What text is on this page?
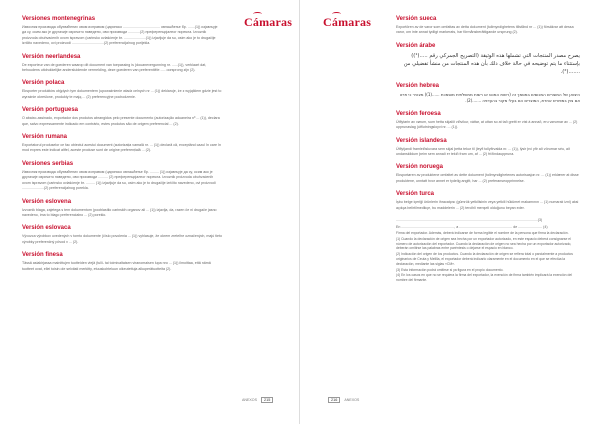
Cámaras
Versiones montenegrinas

Извозник производа обухваћених овом исправом (царинско ..................................... овлашћење бр. .......(1)) изјављује да су, осим ако је другачије изричито наведено, ови производи ............(2) преференцијалног порекла. Izvoznik proizvoda obuhvaćenih ovom ispravom (carinsko ovlašćenje br. ......................(1)) izjavljuje da su, osim ako je to drugačije izričito navedeno, ovi proizvodi ................................(2) preferencijalnog porijekla.

Versión neerlandesa

De exporteur van de goederen waarop dit document van toepassing is (douanevergunning nr. ......(1)), verklaart dat, behoudens uitdrukkelijke andersluidende vermelding, deze goederen van preferentiële ..... oorsprong zijn (2).

Versión polaca

Eksporter produktów objętych tym dokumentem (upoważnienie władz celnych nr ... (1)) deklaruje, że z wyjątkiem gdzie jest to wyraźnie określone, produkty te mają ... (2) preferencyjne pochodzenie.

Versión portuguesa

O abaixo-assinado, exportador dos produtos abrangidos pelo presente documento (autorização aduaneira nº ... (1)), declara que, salvo expressamente indicado em contrário, estes produtos são de origem preferencial ... (2).

Versión rumana

Exportatorul produselor ce fac obiectul acestui document (autorizația vamală nr. ... (1)) declară că, exceptând cazul în care în mod expres este indicat altfel, aceste produse sunt de origine preferențială ... (2).

Versiones serbias

Извозник производа обухваћених овом исправом (царинско овлашћење бр. ......... (1)) изјављује да су, осим ако је другачије изричито наведено, ови производи .......... (2) преференцијалног порекла. Izvoznik proizvoda obuhvaćenih ovom ispravom (carinsko ovlašćenje br. ......... (1)) izjavljuje da su, osim ako je to drugačije izričito navedeno, ovi proizvodi ......................(2) preferencijalnog porekla.

Versión eslovena

Izvoznik blaga, zajetega s tem dokumentom (pooblastilo carinskih organov ali ... (1)) izjavlja, da, razen če ni drugače jasno navedeno, ima to blago preferencialno ... (2) poreklo.

Versión eslovaca

Vývozca výrobkov uvedených v tomto dokumente (číslo povolenia ... (1)) vyhlasuje, že okrem zreteľne označených, majú tieto výrobky preferenčný pôvod v ... (2).

Versión finesa

Tässä asiakirjassa mainittujen tuotteiden viejä (tulli- tai toimivaltaisen viranomaisen lupa nro ... (1)) ilmoittaa, että nämä tuotteet ovat, ellei toisin ole selvästi merkitty, etuuskohteluun oikeutettuja alkuperätuotteita (2).

ANEXOS	215
Cámaras	Versión sueca

Exportören av de varor som omfattas av detta dokument (tullmyndighetens tillstånd nr ... (1)) försäkrar att dessa varor, om inte annat tydligt markerats, har förmånsberättigande ursprung (2).

Versión árabe

يصرح مصدر المنتجات التي تشملها هذه الوثيقة (التصريح الجمركي رقم .....(¹)) بإستثناء ما يتم توضيحه في حالة خلاف ذلك بأن هذه المنتجات من منشأ تفضيلي من .......(²).

Versión hebrea

היצואן של המוצרים המכוסים במסמך זה (רשות המכס או רשות ממשלתית מוסמכת ......(1)) מצהיר כי פרט אם צוין במפורש אחרת, המוצרים הם בעלי מקור בהעדפה .......(2).

Versión feroesa

Útflytarin av vørum, sum hetta skjalið viðvíkur, váttar, at uttan so at tað greitt er víst á annað, eru vørurnar av ... (2) upprunaslag (útflutningsloyvi nr. ... (1)).

Versión islandesa

Útflytjandi framleiðsluvara sem skjal þetta tekur til (leyfi tollyfirvalda nr. ... (1)), lýsir því yfir að vörurnar séu, að undanskildum þeim sem annað er tekið fram um, af ... (2) fríðindauppruna.

Versión noruega

Eksportøren av produktene omfattet av dette dokument (tollmyndighetenes autorisasjon nr. ... (1)) erklærer at disse produktene, unntatt hvor annet er tydelig angitt, har ... (2) preferanseopprinnelse.

Versión turca

İşbu belge içeriği ürünlerin ihracatçısı (gümrük yetkilisinin veya yetkili hükümet makamının ... (1) numaralı izni) aksi açıkça belirtilmedikçe, bu maddelerin ... (2) tercihli menşeli olduğunu beyan eder.

..............................................................................................................................................(3)
En ....................................................., a ..................................................... de ........................ (4)

Firma del exportador. Además, deberá indicarse de forma legible el nombre de la persona que firma la declaración.

(1) Cuando la declaración de origen sea hecha por un exportador autorizado, en este espacio deberá consignarse el número de autorización del exportador. Cuando la declaración de origen no sea hecha por un exportador autorizado, deberán omitirse las palabras entre paréntesis o dejarse el espacio en blanco.

(2) Indicación del origen de los productos. Cuando la declaración de origen se refiera total o parcialmente a productos originarios de Ceuta y Melilla, el exportador deberá indicarlo claramente en el documento en el que se efectúa la declaración, mediante las siglas «CM».

(3) Esta información podrá omitirse si ya figura en el propio documento.

(4) En los casos en que no se requiera la firma del exportador, la exención de firma también implicará la exención del nombre del firmante.

216	ANEXOS
